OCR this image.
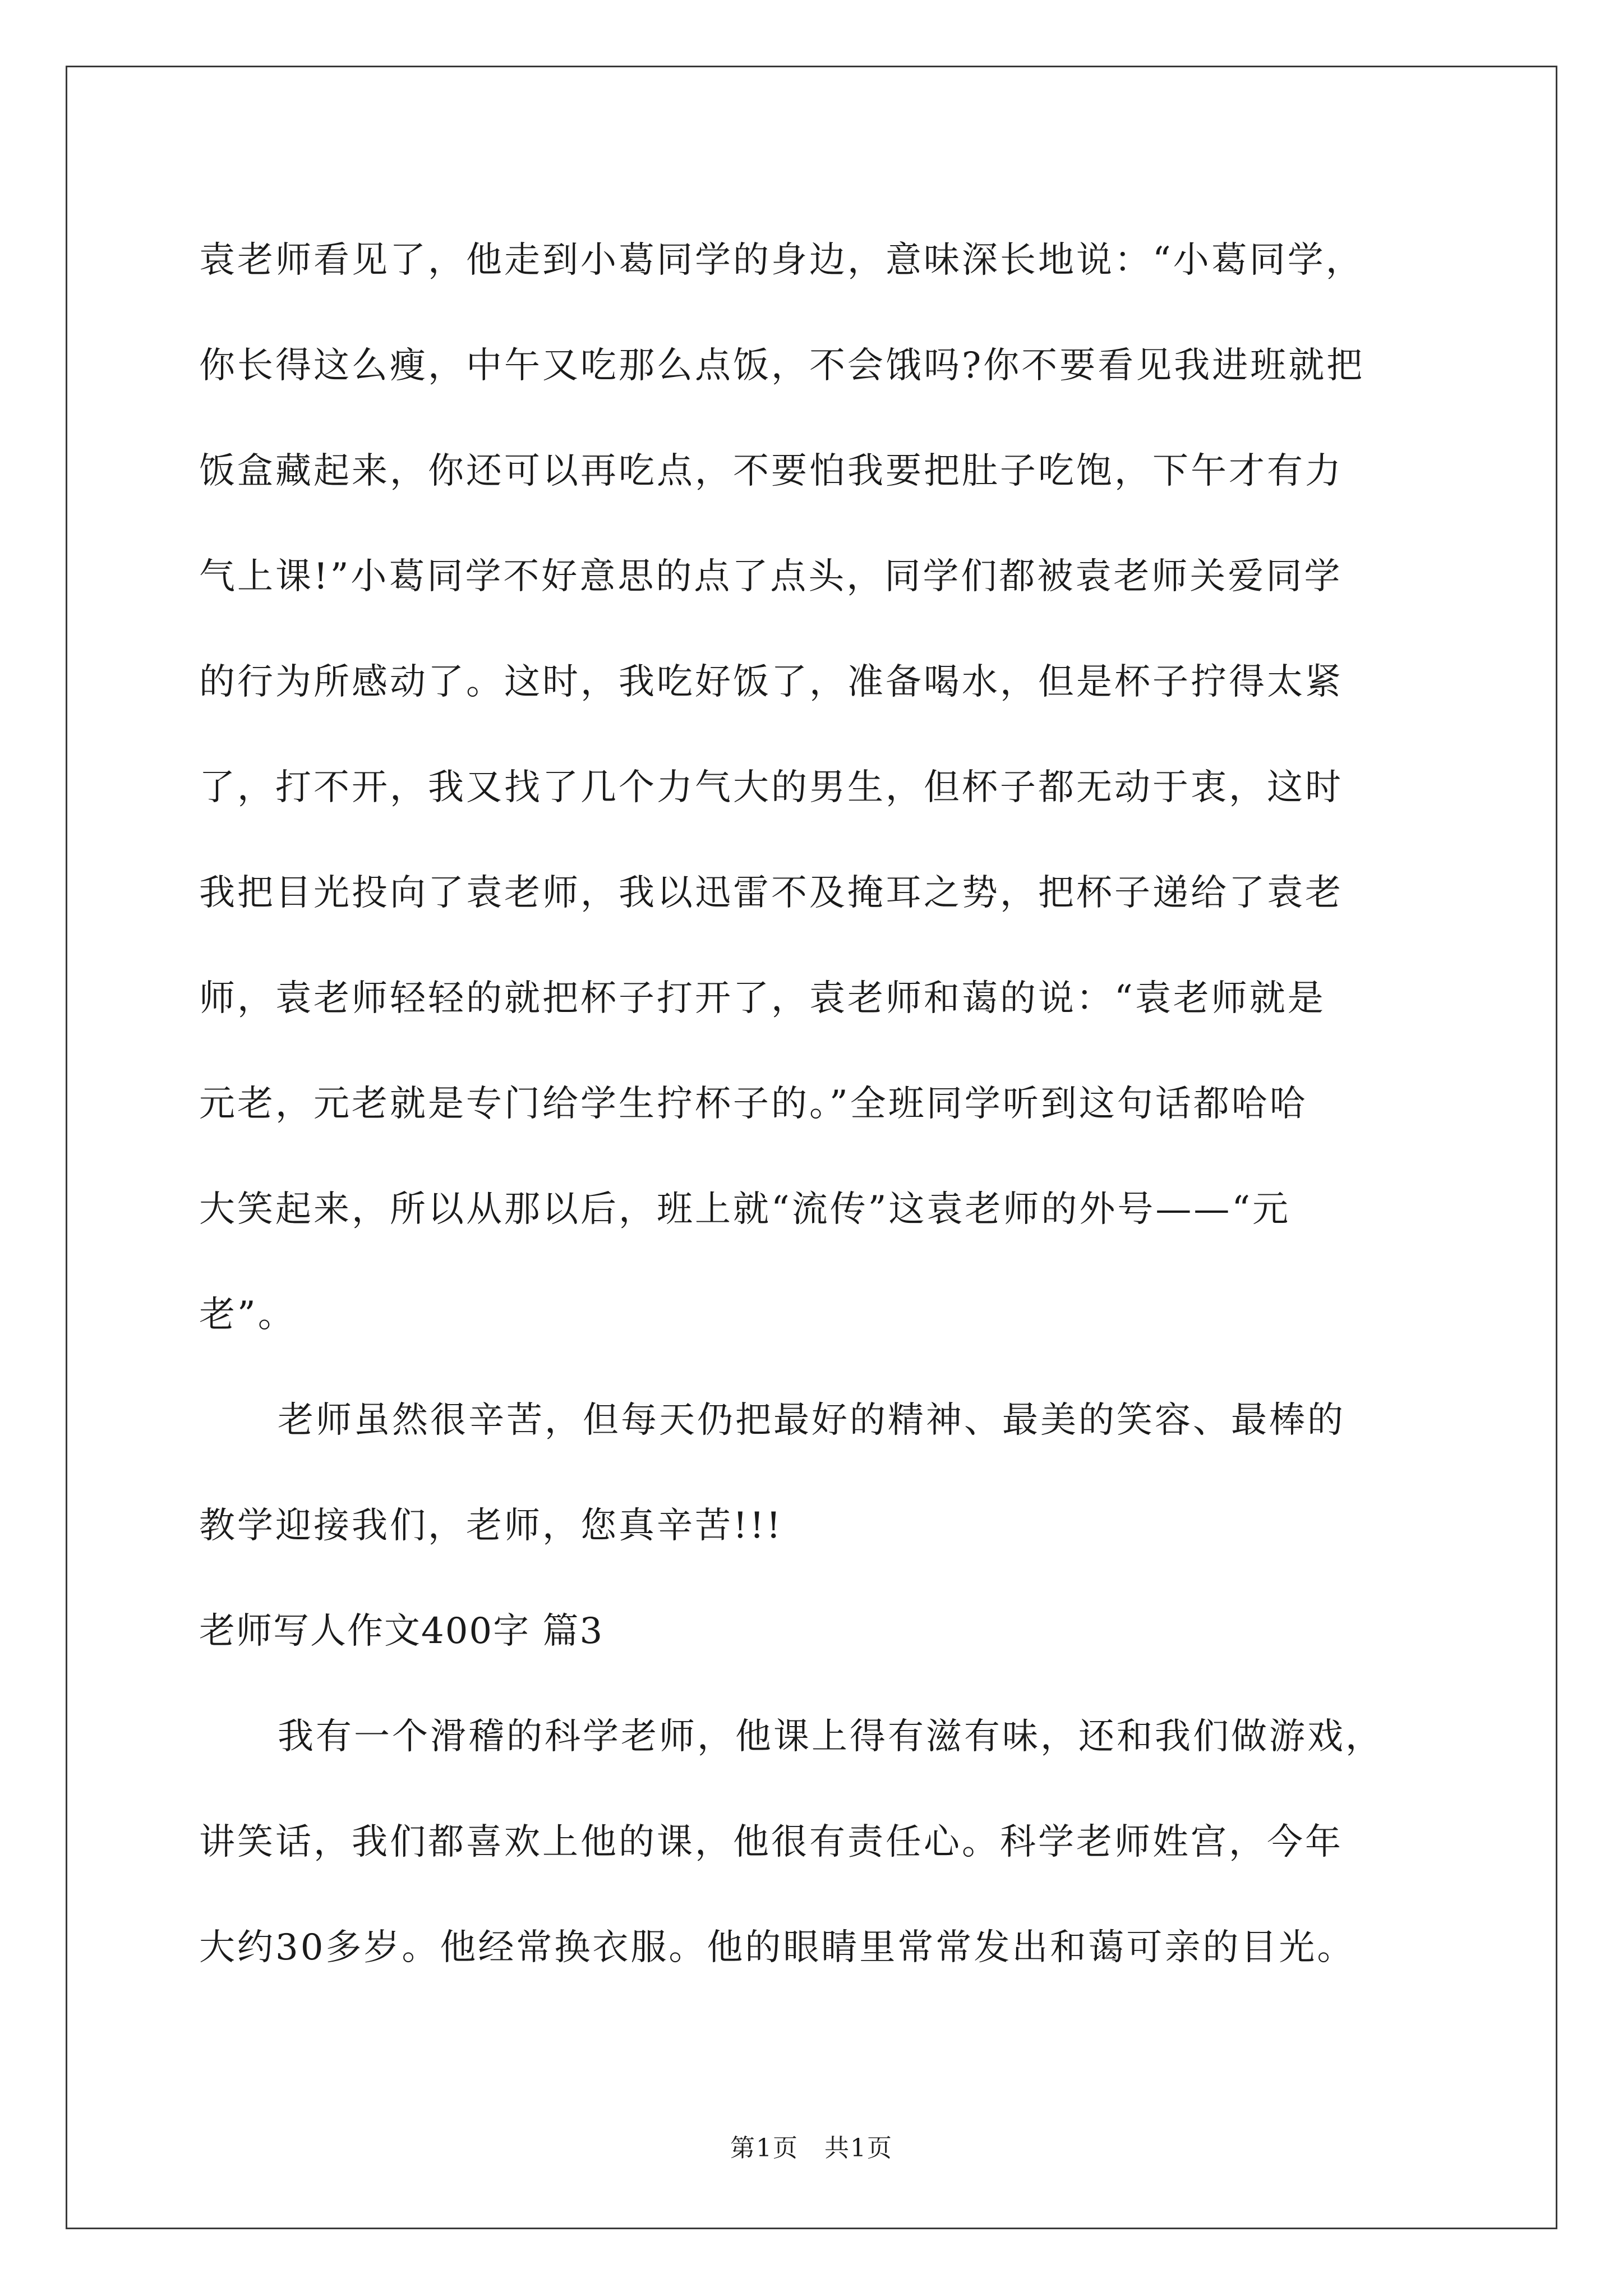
袁老师看见了，他走到小葛同学的身边，意味深长地说：“小葛同学，
你长得这么瘦，中午又吃那么点饭，不会饿吗?你不要看见我进班就把
饭盒藏起来，你还可以再吃点，不要怕我要把肚子吃饱，下午才有力
气上课!”小葛同学不好意思的点了点头，同学们都被袁老师关爱同学
的行为所感动了。这时，我吃好饭了，准备喝水，但是杯子拧得太紧
了，打不开，我又找了几个力气大的男生，但杯子都无动于衷，这时
我把目光投向了袁老师，我以迅雷不及掩耳之势，把杯子递给了袁老
师，袁老师轻轻的就把杯子打开了，袁老师和蔼的说：“袁老师就是
元老，元老就是专门给学生拧杯子的。”全班同学听到这句话都哈哈
大笑起来，所以从那以后，班上就“流传”这袁老师的外号——“元
老”。
老师虽然很辛苦，但每天仍把最好的精神、最美的笑容、最棒的
教学迎接我们，老师，您真辛苦!!!
老师写人作文400字 篇3
我有一个滑稽的科学老师，他课上得有滋有味，还和我们做游戏，
讲笑话，我们都喜欢上他的课，他很有责任心。科学老师姓宫，今年
大约30多岁。他经常换衣服。他的眼睛里常常发出和蔼可亲的目光。
第1页　共1页
